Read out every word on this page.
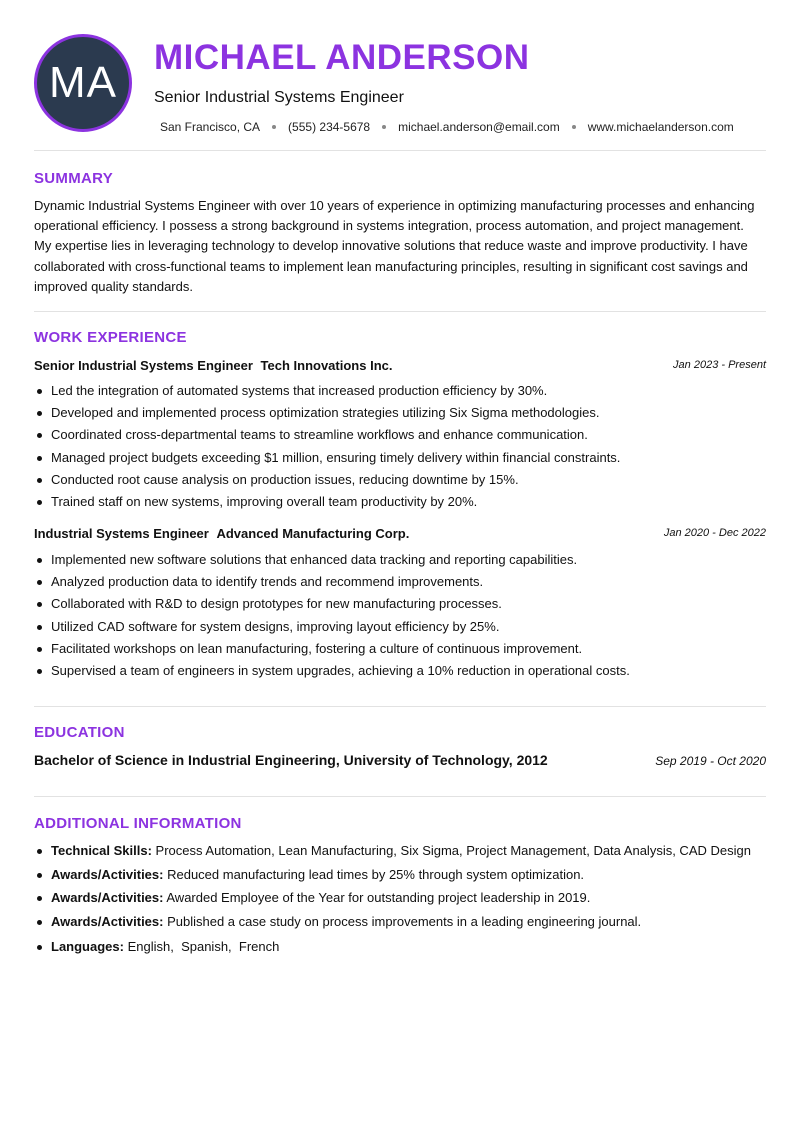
MA
MICHAEL ANDERSON

Senior Industrial Systems Engineer

San Francisco, CA (555) 234-5678 michael.anderson@email.com www.michaelanderson.com
SUMMARY

Dynamic Industrial Systems Engineer with over 10 years of experience in optimizing manufacturing processes and enhancing operational efficiency. I possess a strong background in systems integration, process automation, and project management. My expertise lies in leveraging technology to develop innovative solutions that reduce waste and improve productivity. I have collaborated with cross-functional teams to implement lean manufacturing principles, resulting in significant cost savings and improved quality standards.

WORK EXPERIENCE
Senior Industrial Systems Engineer Tech Innovations Inc.	Jan 2023 - Present
Led the integration of automated systems that increased production efficiency by 30%.
Developed and implemented process optimization strategies utilizing Six Sigma methodologies.
Coordinated cross-departmental teams to streamline workflows and enhance communication.
Managed project budgets exceeding $1 million, ensuring timely delivery within financial constraints.
Conducted root cause analysis on production issues, reducing downtime by 15%.
Trained staff on new systems, improving overall team productivity by 20%.
Industrial Systems Engineer Advanced Manufacturing Corp.	Jan 2020 - Dec 2022
Implemented new software solutions that enhanced data tracking and reporting capabilities.
Analyzed production data to identify trends and recommend improvements.
Collaborated with R&D to design prototypes for new manufacturing processes.
Utilized CAD software for system designs, improving layout efficiency by 25%.
Facilitated workshops on lean manufacturing, fostering a culture of continuous improvement.
Supervised a team of engineers in system upgrades, achieving a 10% reduction in operational costs.
EDUCATION
Bachelor of Science in Industrial Engineering, University of Technology, 2012	Sep 2019 - Oct 2020
ADDITIONAL INFORMATION
Technical Skills: Process Automation, Lean Manufacturing, Six Sigma, Project Management, Data Analysis, CAD Design
Awards/Activities: Reduced manufacturing lead times by 25% through system optimization.
Awards/Activities: Awarded Employee of the Year for outstanding project leadership in 2019.
Awards/Activities: Published a case study on process improvements in a leading engineering journal.
Languages: English,  Spanish,  French
